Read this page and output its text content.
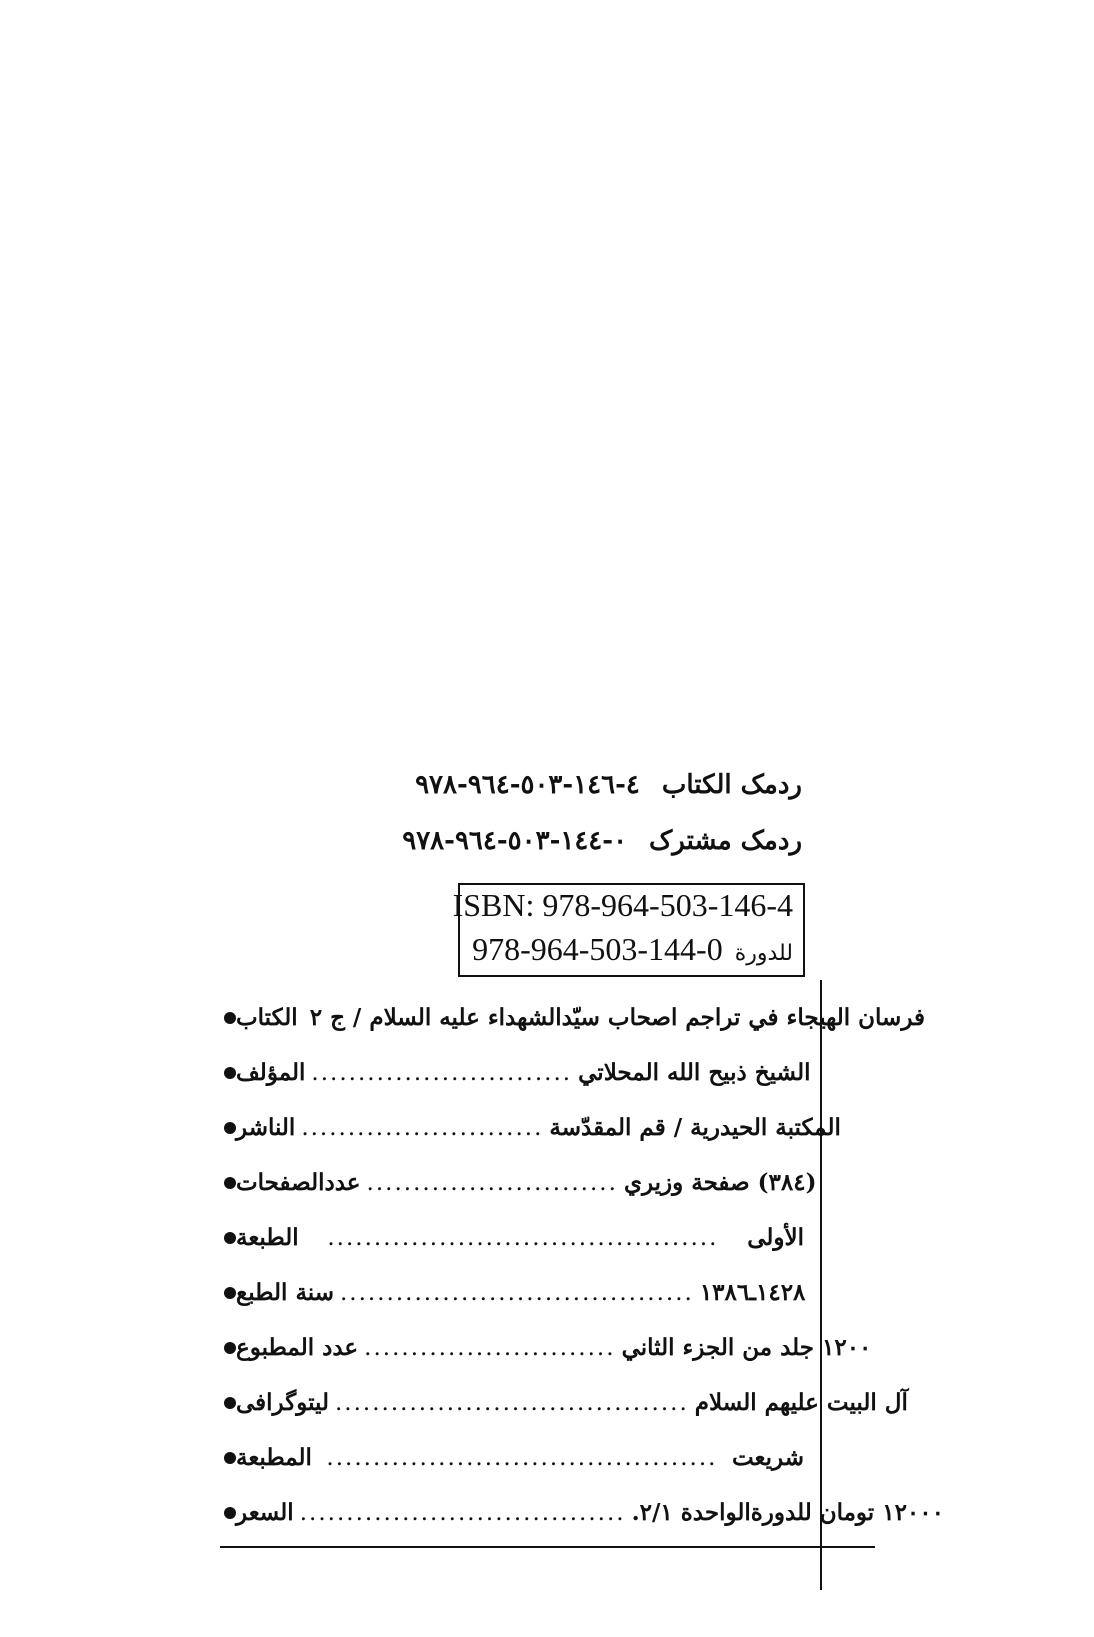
ردمک الکتاب٤-١٤٦-٥٠٣-٩٦٤-٩٧٨
ردمک مشترک٠-١٤٤-٥٠٣-٩٦٤-٩٧٨
ISBN: 978-964-503-146-4
للدورة 978-964-503-144-0
الكتاب فرسان الهيجاء في تراجم اصحاب سيّدالشهداء عليه السلام / ج ٢
المؤلف ............................ الشيخ ذبيح الله المحلاتي
الناشر .......................... المكتبة الحيدرية / قم المقدّسة
عددالصفحات ........................... (٣٨٤) صفحة وزيري
الطبعة	..........................................	الأولى
سنة الطبع ...................................... ١٤٢٨ـ١٣٨٦
عدد المطبوع ........................... ١٢٠٠ جلد من الجزء الثاني
ليتوگرافی ...................................... آل البيت عليهم السلام
المطبعة .......................................... شريعت
السعر ................................... ١٢٠٠٠ تومان للدورةالواحدة ٢/١.
